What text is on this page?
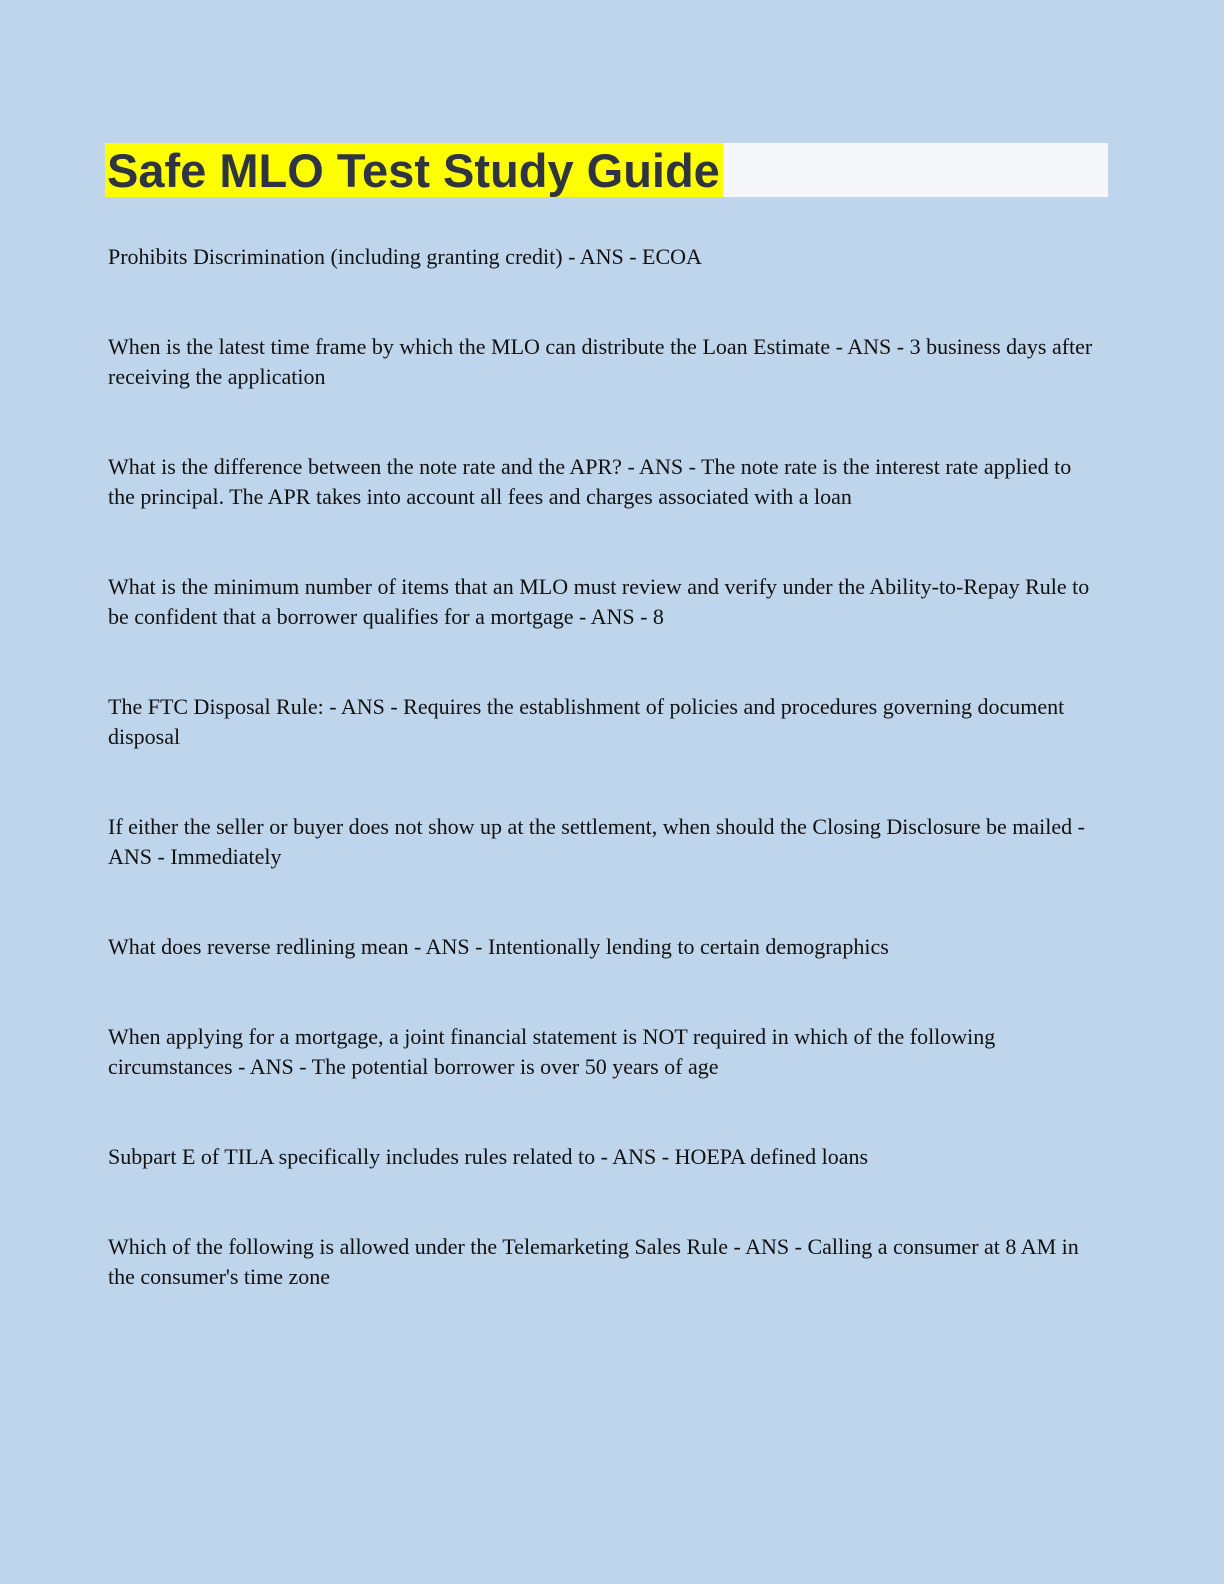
Safe MLO Test Study Guide

Prohibits Discrimination (including granting credit) - ANS - ECOA

When is the latest time frame by which the MLO can distribute the Loan Estimate - ANS - 3 business days after receiving the application

What is the difference between the note rate and the APR? - ANS - The note rate is the interest rate applied to the principal. The APR takes into account all fees and charges associated with a loan

What is the minimum number of items that an MLO must review and verify under the Ability-to-Repay Rule to be confident that a borrower qualifies for a mortgage - ANS - 8

The FTC Disposal Rule: - ANS - Requires the establishment of policies and procedures governing document disposal

If either the seller or buyer does not show up at the settlement, when should the Closing Disclosure be mailed - ANS - Immediately

What does reverse redlining mean - ANS - Intentionally lending to certain demographics

When applying for a mortgage, a joint financial statement is NOT required in which of the following circumstances - ANS - The potential borrower is over 50 years of age

Subpart E of TILA specifically includes rules related to - ANS - HOEPA defined loans

Which of the following is allowed under the Telemarketing Sales Rule - ANS - Calling a consumer at 8 AM in the consumer's time zone
